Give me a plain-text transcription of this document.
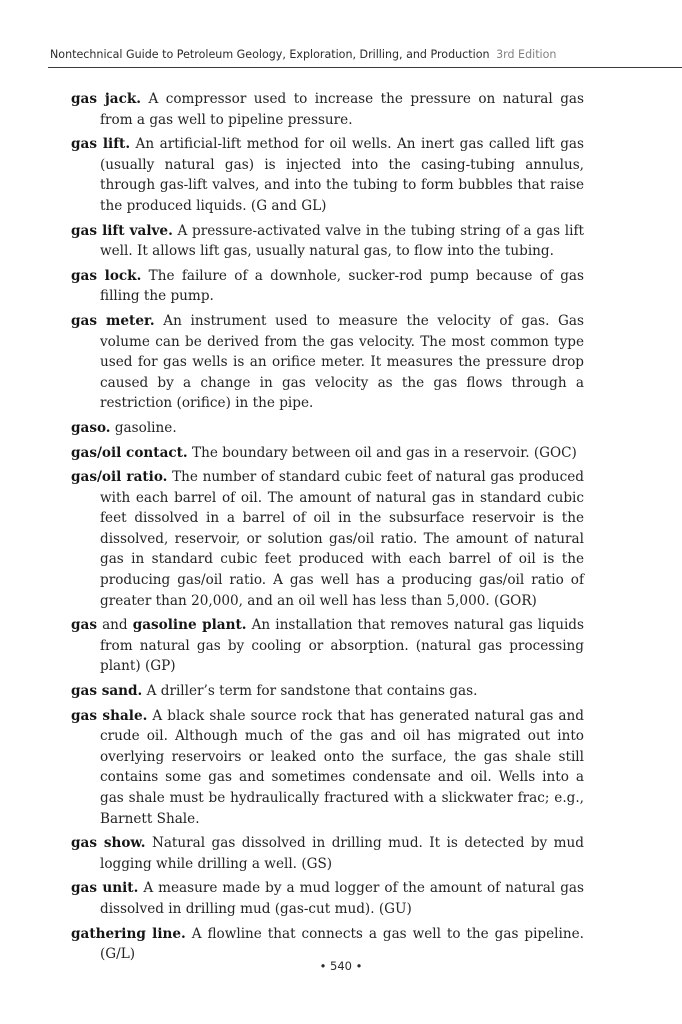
Nontechnical Guide to Petroleum Geology, Exploration, Drilling, and Production 3rd Edition

gas jack. A compressor used to increase the pressure on natural gas from a gas well to pipeline pressure.

gas lift. An artificial-lift method for oil wells. An inert gas called lift gas (usually natural gas) is injected into the casing-tubing annulus, through gas-lift valves, and into the tubing to form bubbles that raise the produced liquids. (G and GL)

gas lift valve. A pressure-activated valve in the tubing string of a gas lift well. It allows lift gas, usually natural gas, to flow into the tubing.

gas lock. The failure of a downhole, sucker-rod pump because of gas filling the pump.

gas meter. An instrument used to measure the velocity of gas. Gas volume can be derived from the gas velocity. The most common type used for gas wells is an orifice meter. It measures the pressure drop caused by a change in gas velocity as the gas flows through a restriction (orifice) in the pipe.

gaso. gasoline.

gas/oil contact. The boundary between oil and gas in a reservoir. (GOC)

gas/oil ratio. The number of standard cubic feet of natural gas produced with each barrel of oil. The amount of natural gas in standard cubic feet dissolved in a barrel of oil in the subsurface reservoir is the dissolved, reservoir, or solution gas/oil ratio. The amount of natural gas in standard cubic feet produced with each barrel of oil is the producing gas/oil ratio. A gas well has a producing gas/oil ratio of greater than 20,000, and an oil well has less than 5,000. (GOR)

gas and gasoline plant. An installation that removes natural gas liquids from natural gas by cooling or absorption. (natural gas processing plant) (GP)

gas sand. A driller’s term for sandstone that contains gas.

gas shale. A black shale source rock that has generated natural gas and crude oil. Although much of the gas and oil has migrated out into overlying reservoirs or leaked onto the surface, the gas shale still contains some gas and sometimes condensate and oil. Wells into a gas shale must be hydraulically fractured with a slickwater frac; e.g., Barnett Shale.

gas show. Natural gas dissolved in drilling mud. It is detected by mud logging while drilling a well. (GS)

gas unit. A measure made by a mud logger of the amount of natural gas dissolved in drilling mud (gas-cut mud). (GU)

gathering line. A flowline that connects a gas well to the gas pipeline. (G/L)

• 540 •
